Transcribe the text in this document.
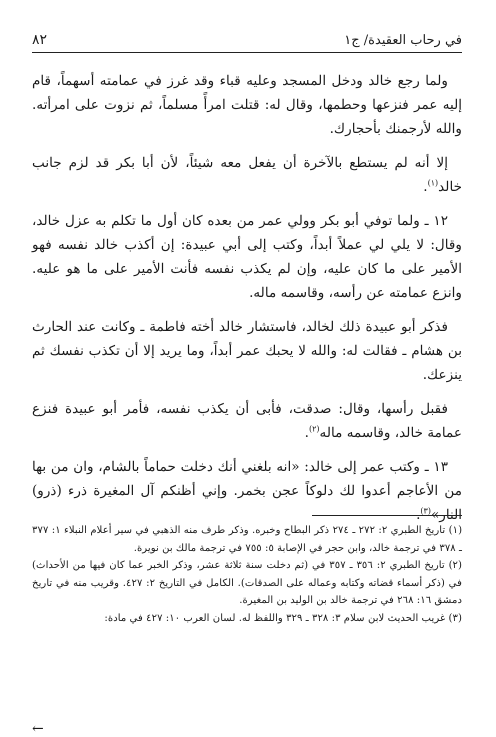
في رحاب العقيدة/ ج١
٨٢

ولما رجع خالد ودخل المسجد وعليه قباء وقد غرز في عمامته أسهماً، قام إليه عمر فنزعها وحطمها، وقال له: قتلت امرأً مسلماً، ثم نزوت على امرأته. والله لأرجمنك بأحجارك.

إلا أنه لم يستطع بالآخرة أن يفعل معه شيئاً، لأن أبا بكر قد لزم جانب خالد$^{(١)}$.

١٢ ـ ولما توفي أبو بكر وولي عمر من بعده كان أول ما تكلم به عزل خالد، وقال: لا يلي لي عملاً أبداً، وكتب إلى أبي عبيدة: إن أكذب خالد نفسه فهو الأمير على ما كان عليه، وإن لم يكذب نفسه فأنت الأمير على ما هو عليه. وانزع عمامته عن رأسه، وقاسمه ماله.

فذكر أبو عبيدة ذلك لخالد، فاستشار خالد أخته فاطمة ـ وكانت عند الحارث بن هشام ـ فقالت له: والله لا يحبك عمر أبداً، وما يريد إلا أن تكذب نفسك ثم ينزعك.

فقبل رأسها، وقال: صدقت، فأبى أن يكذب نفسه، فأمر أبو عبيدة فنزع عمامة خالد، وقاسمه ماله$^{(٢)}$.

١٣ ـ وكتب عمر إلى خالد: «انه بلغني أنك دخلت حماماً بالشام، وان من بها من الأعاجم أعدوا لك دلوكاً عجن بخمر. وإني أظنكم آل المغيرة ذرء (ذرو) النار»$^{(٣)}$.

(١) تاريخ الطبري ٢: ٢٧٢ ـ ٢٧٤ ذكر البطاح وخبره. وذكر طرف منه الذهبي في سير أعلام النبلاء ١: ٣٧٧ ـ ٣٧٨ في ترجمة خالد، وابن حجر في الإصابة ٥: ٧٥٥ في ترجمة مالك بن نويرة.

(٢) تاريخ الطبري ٢: ٣٥٦ ـ ٣٥٧ في (ثم دخلت سنة ثلاثة عشر، وذكر الخبر عما كان فيها من الأحداث) في (ذكر أسماء قضاته وكتابه وعماله على الصدقات). الكامل في التاريخ ٢: ٤٢٧. وقريب منه في تاريخ دمشق ١٦: ٢٦٨ في ترجمة خالد بن الوليد بن المغيرة.

(٣) غريب الحديث لابن سلام ٣: ٣٢٨ ـ ٣٢٩ واللفظ له. لسان العرب ١٠: ٤٢٧ في مادة:

←
